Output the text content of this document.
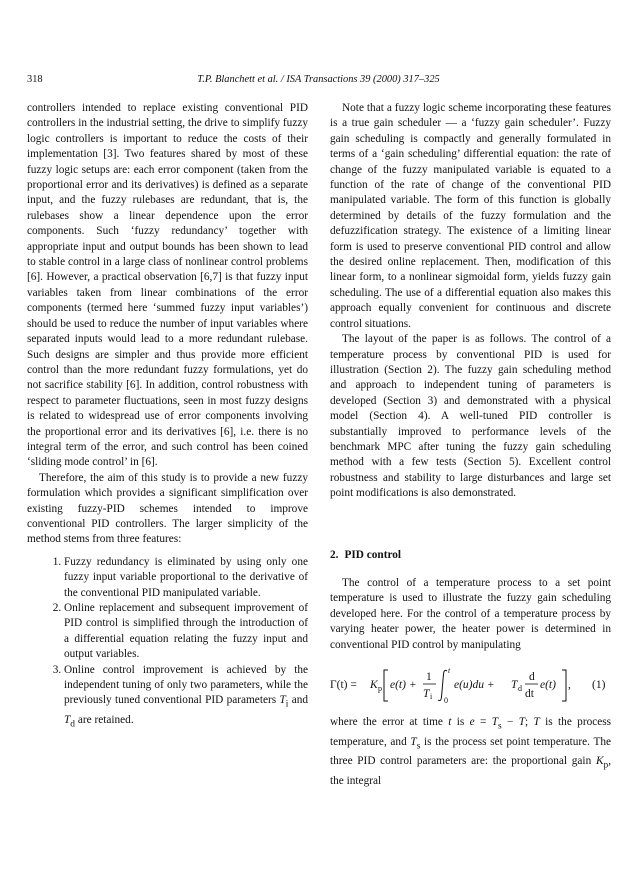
318	T.P. Blanchett et al. / ISA Transactions 39 (2000) 317–325

controllers intended to replace existing conventional PID controllers in the industrial setting, the drive to simplify fuzzy logic controllers is important to reduce the costs of their implementation [3]. Two features shared by most of these fuzzy logic setups are: each error component (taken from the proportional error and its derivatives) is defined as a separate input, and the fuzzy rulebases are redundant, that is, the rulebases show a linear dependence upon the error components. Such ‘fuzzy redundancy’ together with appropriate input and output bounds has been shown to lead to stable control in a large class of nonlinear control problems [6]. However, a practical observation [6,7] is that fuzzy input variables taken from linear combinations of the error components (termed here ‘summed fuzzy input variables’) should be used to reduce the number of input variables where separated inputs would lead to a more redundant rulebase. Such designs are simpler and thus provide more efficient control than the more redundant fuzzy formulations, yet do not sacrifice stability [6]. In addition, control robustness with respect to parameter fluctuations, seen in most fuzzy designs is related to widespread use of error components involving the proportional error and its derivatives [6], i.e. there is no integral term of the error, and such control has been coined ‘sliding mode control’ in [6].

Therefore, the aim of this study is to provide a new fuzzy formulation which provides a significant simplification over existing fuzzy-PID schemes intended to improve conventional PID controllers. The larger simplicity of the method stems from three features:

1. Fuzzy redundancy is eliminated by using only one fuzzy input variable proportional to the derivative of the conventional PID manipulated variable.
2. Online replacement and subsequent improvement of PID control is simplified through the introduction of a differential equation relating the fuzzy input and output variables.
3. Online control improvement is achieved by the independent tuning of only two parameters, while the previously tuned conventional PID parameters $T_i$ and $T_d$ are retained.

Note that a fuzzy logic scheme incorporating these features is a true gain scheduler — a ‘fuzzy gain scheduler’. Fuzzy gain scheduling is compactly and generally formulated in terms of a ‘gain scheduling’ differential equation: the rate of change of the fuzzy manipulated variable is equated to a function of the rate of change of the conventional PID manipulated variable. The form of this function is globally determined by details of the fuzzy formulation and the defuzzification strategy. The existence of a limiting linear form is used to preserve conventional PID control and allow the desired online replacement. Then, modification of this linear form, to a nonlinear sigmoidal form, yields fuzzy gain scheduling. The use of a differential equation also makes this approach equally convenient for continuous and discrete control situations.

The layout of the paper is as follows. The control of a temperature process by conventional PID is used for illustration (Section 2). The fuzzy gain scheduling method and approach to independent tuning of parameters is developed (Section 3) and demonstrated with a physical model (Section 4). A well-tuned PID controller is substantially improved to performance levels of the benchmark MPC after tuning the fuzzy gain scheduling method with a few tests (Section 5). Excellent control robustness and stability to large disturbances and large set point modifications is also demonstrated.

2. PID control

The control of a temperature process to a set point temperature is used to illustrate the fuzzy gain scheduling developed here. For the control of a temperature process by varying heater power, the heater power is determined in conventional PID control by manipulating

Γ(t) = K p e(t) +
1
T i
t
0
e(u)du + T d
d
dt
e(t) , (1)

where the error at time t is $e = T_s - T$; T is the process temperature, and $T_s$ is the process set point temperature. The three PID control parameters are: the proportional gain $K_p$, the integral
